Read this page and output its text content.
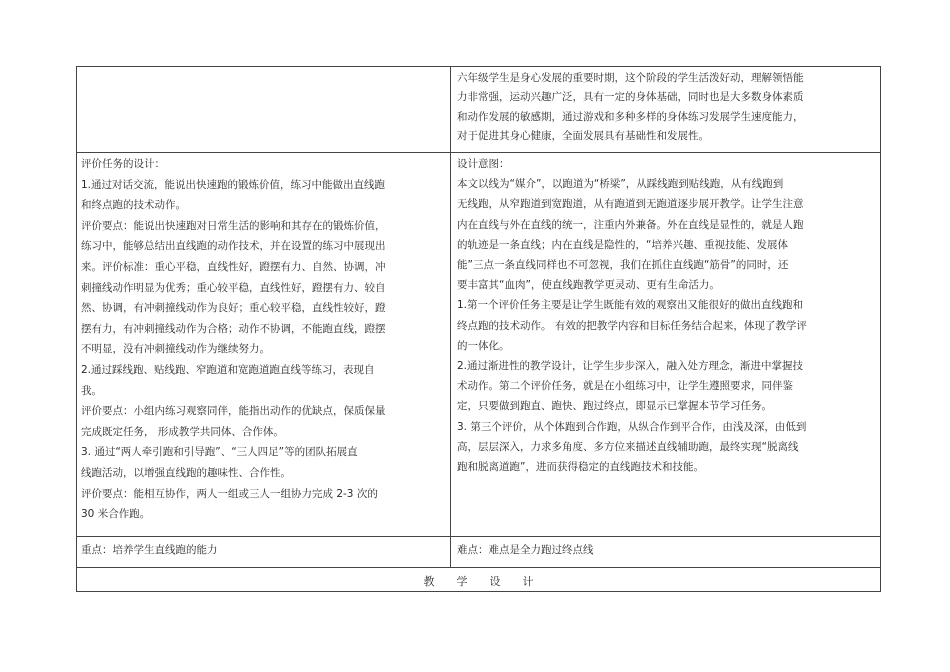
六年级学生是身心发展的重要时期，这个阶段的学生活泼好动，理解领悟能

力非常强，运动兴趣广泛，具有一定的身体基础，同时也是大多数身体素质

和动作发展的敏感期，通过游戏和多种多样的身体练习发展学生速度能力，

对于促进其身心健康，全面发展具有基础性和发展性。

评价任务的设计：

1.通过对话交流，能说出快速跑的锻炼价值，练习中能做出直线跑

和终点跑的技术动作。

评价要点：能说出快速跑对日常生活的影响和其存在的锻炼价值，

练习中，能够总结出直线跑的动作技术，并在设置的练习中展现出

来。评价标准：重心平稳，直线性好，蹬摆有力、自然、协调，冲

刺撞线动作明显为优秀；重心较平稳，直线性好，蹬摆有力、较自

然、协调，有冲刺撞线动作为良好；重心较平稳，直线性较好，蹬

摆有力，有冲刺撞线动作为合格；动作不协调，不能跑直线，蹬摆

不明显，没有冲刺撞线动作为继续努力。

2.通过踩线跑、贴线跑、窄跑道和宽跑道跑直线等练习，表现自

我。

评价要点：小组内练习观察同伴，能指出动作的优缺点，保质保量

完成既定任务， 形成教学共同体、合作体。

3. 通过“两人牵引跑和引导跑”、“三人四足”等的团队拓展直

线跑活动，以增强直线跑的趣味性、合作性。

评价要点：能相互协作，两人一组或三人一组协力完成 2-3 次的

30 米合作跑。

设计意图：

本文以线为“媒介”，以跑道为“桥梁”，从踩线跑到贴线跑，从有线跑到

无线跑，从窄跑道到宽跑道，从有跑道到无跑道逐步展开教学。让学生注意

内在直线与外在直线的统一，注重内外兼备。外在直线是显性的，就是人跑

的轨迹是一条直线；内在直线是隐性的，“培养兴趣、重视技能、发展体

能”三点一条直线同样也不可忽视，我们在抓住直线跑“筋骨”的同时，还

要丰富其“血肉”，使直线跑教学更灵动、更有生命活力。

1.第一个评价任务主要是让学生既能有效的观察出又能很好的做出直线跑和

终点跑的技术动作。 有效的把教学内容和目标任务结合起来，体现了教学评

的一体化。

2.通过渐进性的教学设计，让学生步步深入，融入处方理念，渐进中掌握技

术动作。第二个评价任务，就是在小组练习中，让学生遵照要求，同伴鉴

定，只要做到跑直、跑快、跑过终点，即显示已掌握本节学习任务。

3. 第三个评价，从个体跑到合作跑，从纵合作到平合作，由浅及深，由低到

高，层层深入，力求多角度、多方位来描述直线辅助跑，最终实现“脱离线

跑和脱离道跑”，进而获得稳定的直线跑技术和技能。

重点：培养学生直线跑的能力	难点：难点是全力跑过终点线

教学设计
